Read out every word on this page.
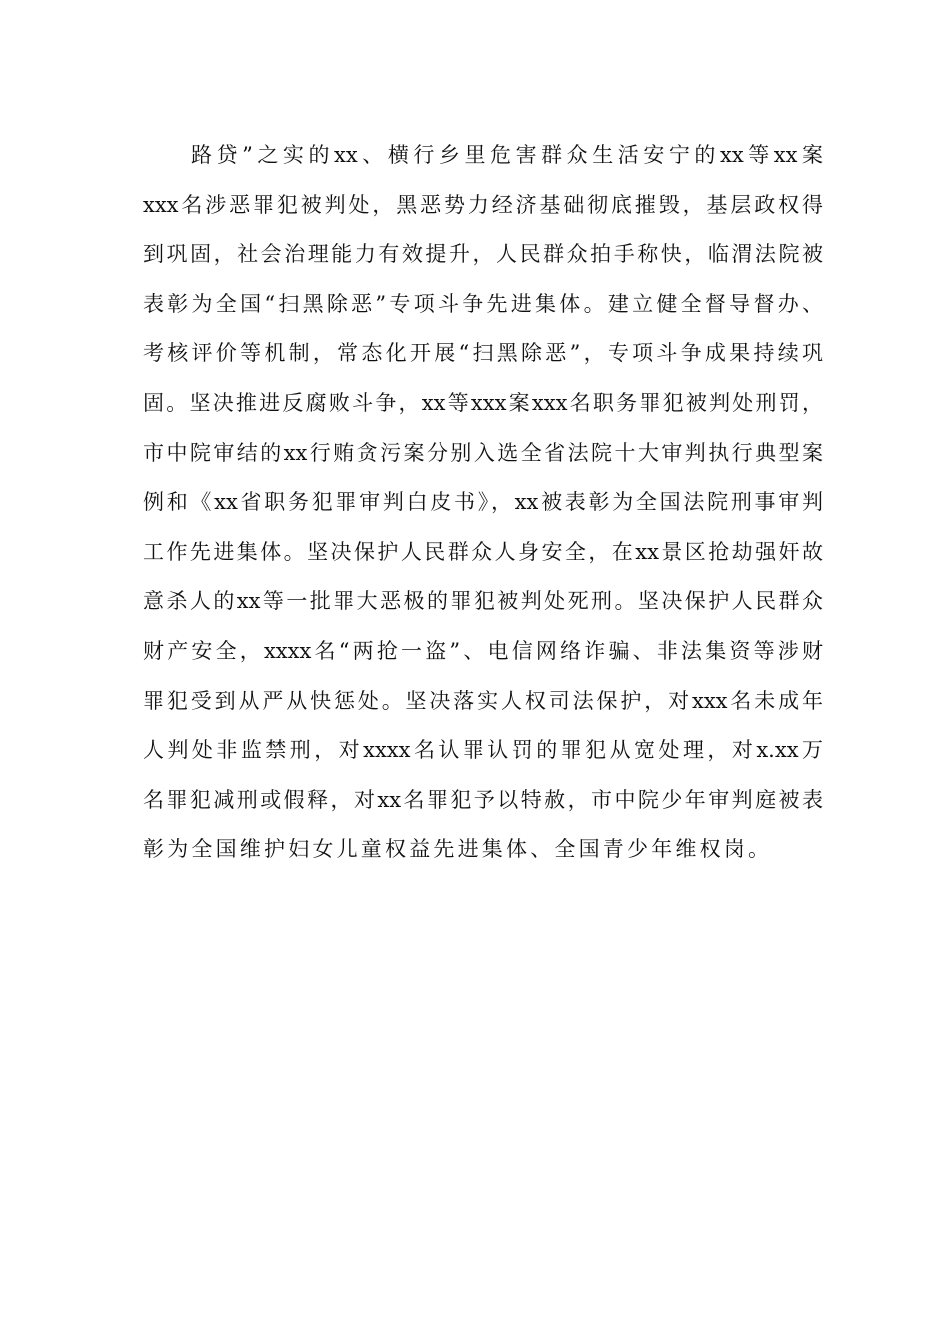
路贷”之实的xx、横行乡里危害群众生活安宁的xx等xx案
xxx名涉恶罪犯被判处，黑恶势力经济基础彻底摧毁，基层政权得
到巩固，社会治理能力有效提升，人民群众拍手称快，临渭法院被
表彰为全国“扫黑除恶”专项斗争先进集体。建立健全督导督办、
考核评价等机制，常态化开展“扫黑除恶”，专项斗争成果持续巩
固。坚决推进反腐败斗争，xx等xxx案xxx名职务罪犯被判处刑罚，
市中院审结的xx行贿贪污案分别入选全省法院十大审判执行典型案
例和《xx省职务犯罪审判白皮书》，xx被表彰为全国法院刑事审判
工作先进集体。坚决保护人民群众人身安全，在xx景区抢劫强奸故
意杀人的xx等一批罪大恶极的罪犯被判处死刑。坚决保护人民群众
财产安全，xxxx名“两抢一盗”、电信网络诈骗、非法集资等涉财
罪犯受到从严从快惩处。坚决落实人权司法保护，对xxx名未成年
人判处非监禁刑，对xxxx名认罪认罚的罪犯从宽处理，对x.xx万
名罪犯减刑或假释，对xx名罪犯予以特赦，市中院少年审判庭被表
彰为全国维护妇女儿童权益先进集体、全国青少年维权岗。
